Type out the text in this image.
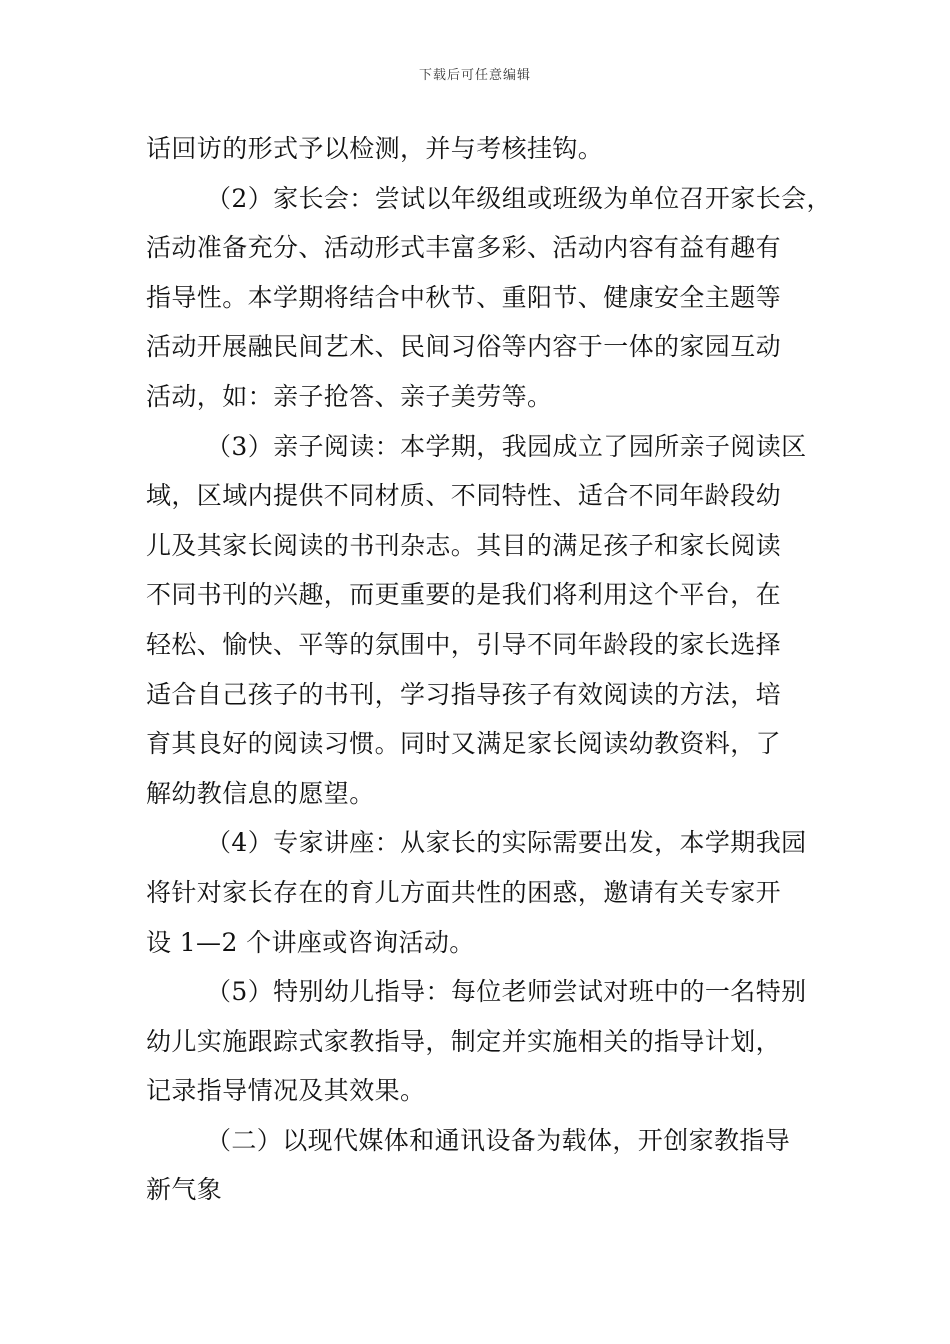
下载后可任意编辑
话回访的形式予以检测，并与考核挂钩。
（2）家长会：尝试以年级组或班级为单位召开家长会，
活动准备充分、活动形式丰富多彩、活动内容有益有趣有
指导性。本学期将结合中秋节、重阳节、健康安全主题等
活动开展融民间艺术、民间习俗等内容于一体的家园互动
活动，如：亲子抢答、亲子美劳等。
（3）亲子阅读：本学期，我园成立了园所亲子阅读区
域，区域内提供不同材质、不同特性、适合不同年龄段幼
儿及其家长阅读的书刊杂志。其目的满足孩子和家长阅读
不同书刊的兴趣，而更重要的是我们将利用这个平台，在
轻松、愉快、平等的氛围中，引导不同年龄段的家长选择
适合自己孩子的书刊，学习指导孩子有效阅读的方法，培
育其良好的阅读习惯。同时又满足家长阅读幼教资料，了
解幼教信息的愿望。
（4）专家讲座：从家长的实际需要出发，本学期我园
将针对家长存在的育儿方面共性的困惑，邀请有关专家开
设 1—2 个讲座或咨询活动。
（5）特别幼儿指导：每位老师尝试对班中的一名特别
幼儿实施跟踪式家教指导，制定并实施相关的指导计划，
记录指导情况及其效果。
（二）以现代媒体和通讯设备为载体，开创家教指导
新气象
